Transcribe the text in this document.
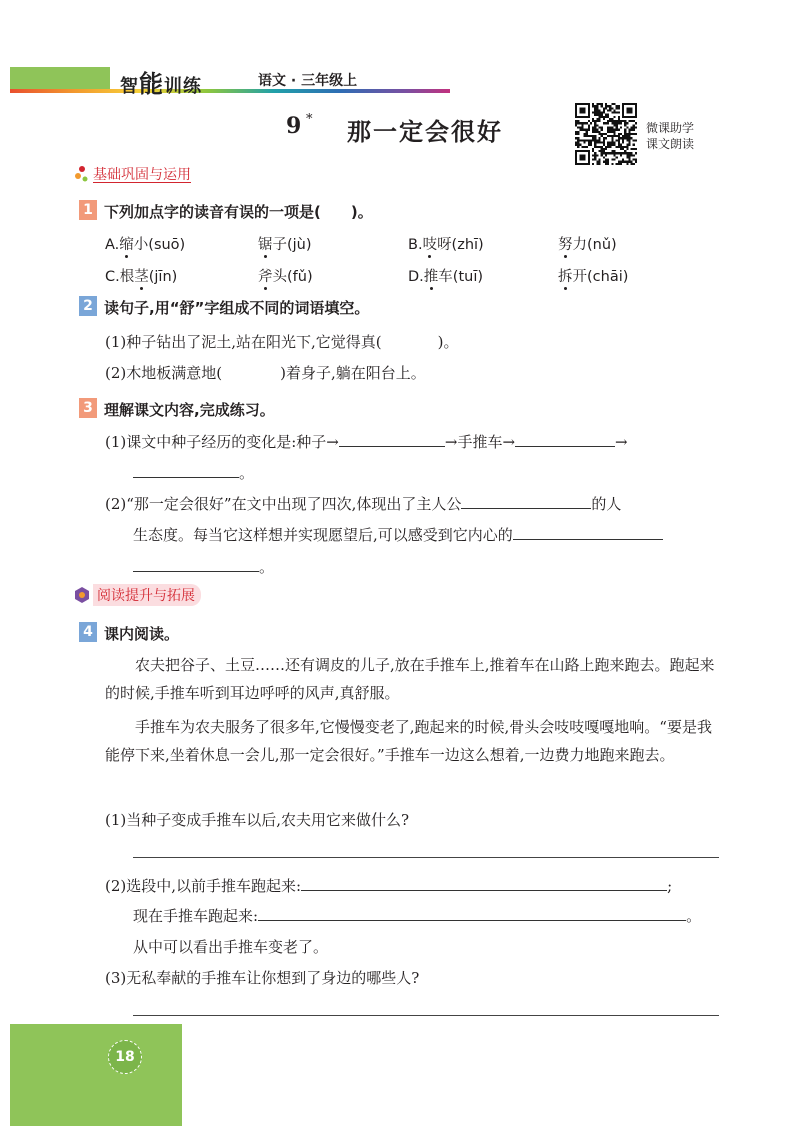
智能训练	语文 · 三年级上
9 * 那一定会很好	微课助学
课文朗读
基础巩固与运用
1 下列加点字的读音有误的一项是(　　)。
A.缩小(suō)	锯子(jù)	B.吱呀(zhī)	努力(nǔ)
C.根茎(jīn)	斧头(fǔ)	D.推车(tuī)	拆开(chāi)
2 读句子,用“舒”字组成不同的词语填空。
(1)种子钻出了泥土,站在阳光下,它觉得真(	)。
(2)木地板满意地(	)着身子,躺在阳台上。
3 理解课文内容,完成练习。
(1)课文中种子经历的变化是:种子→	→手推车→	→
。
(2)“那一定会很好”在文中出现了四次,体现出了主人公	的人
生态度。每当它这样想并实现愿望后,可以感受到它内心的
。
阅读提升与拓展
4 课内阅读。
农夫把谷子、土豆……还有调皮的儿子,放在手推车上,推着车在山路上跑来跑去。跑起来的时候,手推车听到耳边呼呼的风声,真舒服。
手推车为农夫服务了很多年,它慢慢变老了,跑起来的时候,骨头会吱吱嘎嘎地响。“要是我能停下来,坐着休息一会儿,那一定会很好。”手推车一边这么想着,一边费力地跑来跑去。
(1)当种子变成手推车以后,农夫用它来做什么?
(2)选段中,以前手推车跑起来:	;
现在手推车跑起来:	。
从中可以看出手推车变老了。
(3)无私奉献的手推车让你想到了身边的哪些人?
18
